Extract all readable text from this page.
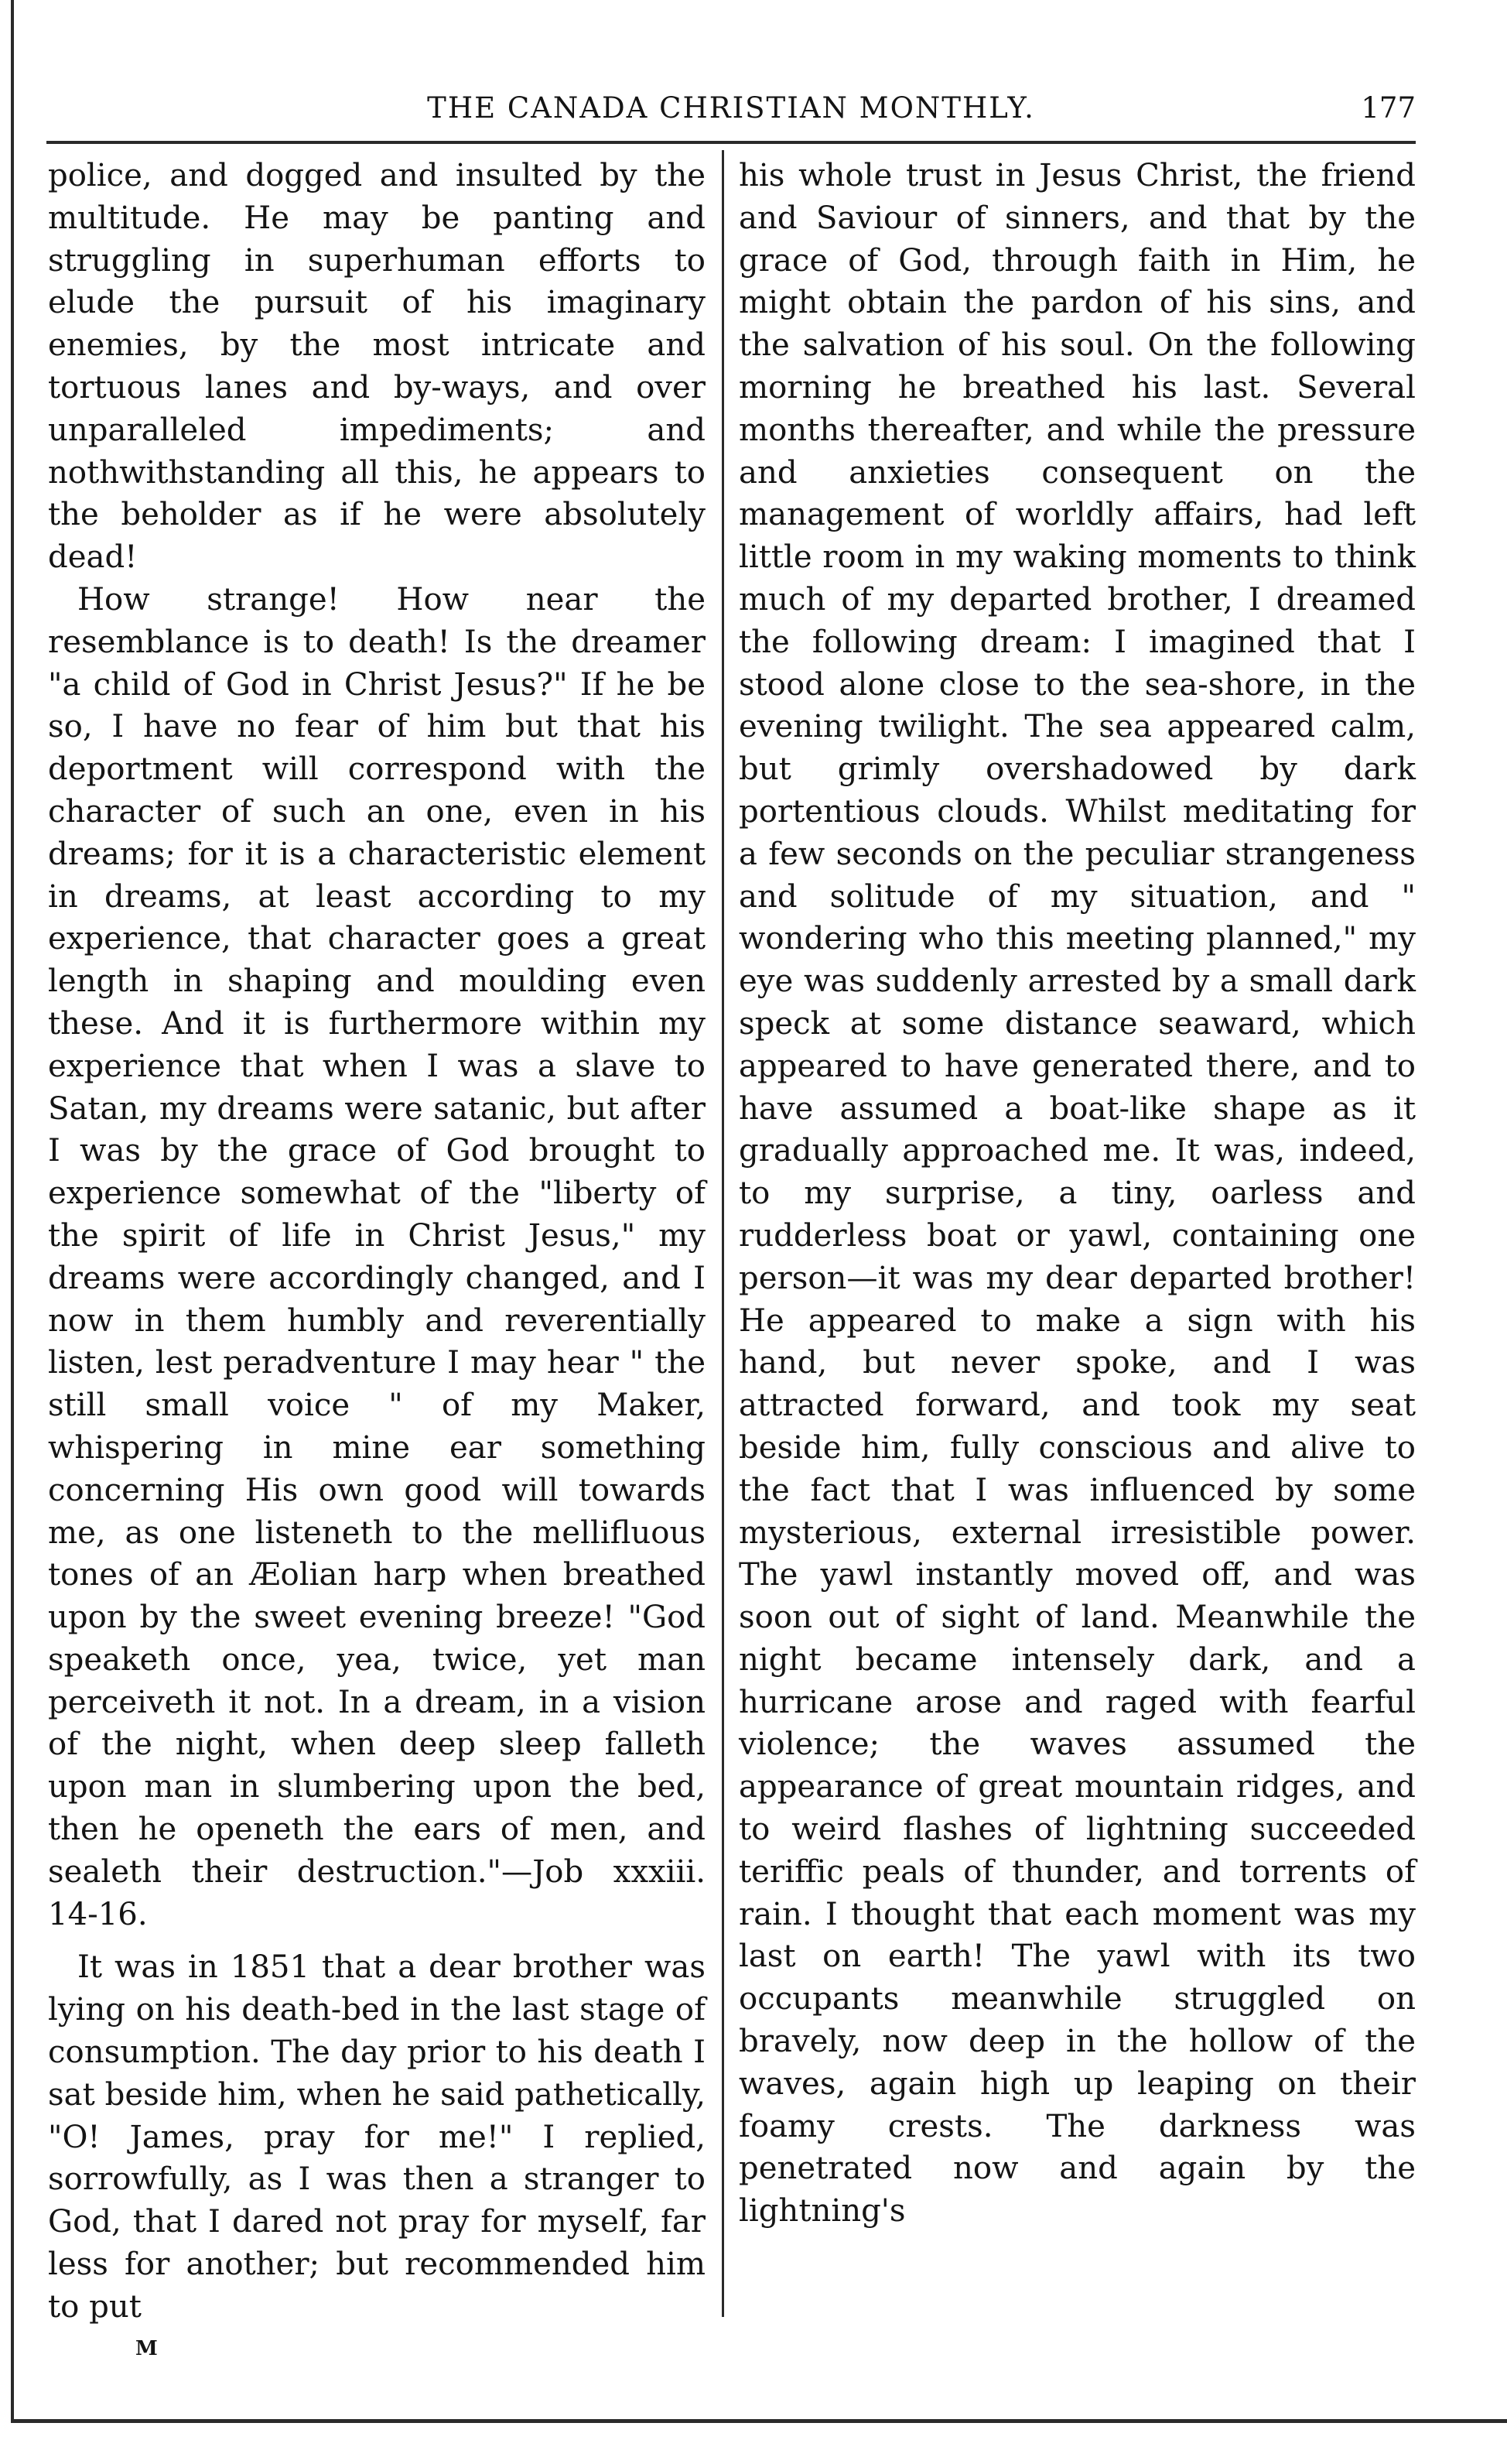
THE CANADA CHRISTIAN MONTHLY.	177

police, and dogged and insulted by the multitude. He may be panting and struggling in superhuman efforts to elude the pursuit of his imaginary enemies, by the most intricate and tortuous lanes and by-ways, and over unparalleled impediments; and nothwithstanding all this, he appears to the beholder as if he were absolutely dead!

How strange! How near the resemblance is to death! Is the dreamer "a child of God in Christ Jesus?" If he be so, I have no fear of him but that his deportment will correspond with the character of such an one, even in his dreams; for it is a characteristic element in dreams, at least according to my experience, that character goes a great length in shaping and moulding even these. And it is furthermore within my experience that when I was a slave to Satan, my dreams were satanic, but after I was by the grace of God brought to experience somewhat of the "liberty of the spirit of life in Christ Jesus," my dreams were accordingly changed, and I now in them humbly and reverentially listen, lest peradventure I may hear " the still small voice " of my Maker, whispering in mine ear something concerning His own good will towards me, as one listeneth to the mellifluous tones of an Æolian harp when breathed upon by the sweet evening breeze! "God speaketh once, yea, twice, yet man perceiveth it not. In a dream, in a vision of the night, when deep sleep falleth upon man in slumbering upon the bed, then he openeth the ears of men, and sealeth their destruction."—Job xxxiii. 14-16.

It was in 1851 that a dear brother was lying on his death-bed in the last stage of consumption. The day prior to his death I sat beside him, when he said pathetically, "O! James, pray for me!" I replied, sorrowfully, as I was then a stranger to God, that I dared not pray for myself, far less for another; but recommended him to put

his whole trust in Jesus Christ, the friend and Saviour of sinners, and that by the grace of God, through faith in Him, he might obtain the pardon of his sins, and the salvation of his soul. On the following morning he breathed his last. Several months thereafter, and while the pressure and anxieties consequent on the management of worldly affairs, had left little room in my waking moments to think much of my departed brother, I dreamed the following dream: I imagined that I stood alone close to the sea-shore, in the evening twilight. The sea appeared calm, but grimly overshadowed by dark portentious clouds. Whilst meditating for a few seconds on the peculiar strangeness and solitude of my situation, and " wondering who this meeting planned," my eye was suddenly arrested by a small dark speck at some distance seaward, which appeared to have generated there, and to have assumed a boat-like shape as it gradually approached me. It was, indeed, to my surprise, a tiny, oarless and rudderless boat or yawl, containing one person—it was my dear departed brother! He appeared to make a sign with his hand, but never spoke, and I was attracted forward, and took my seat beside him, fully conscious and alive to the fact that I was influenced by some mysterious, external irresistible power. The yawl instantly moved off, and was soon out of sight of land. Meanwhile the night became intensely dark, and a hurricane arose and raged with fearful violence; the waves assumed the appearance of great mountain ridges, and to weird flashes of lightning succeeded teriffic peals of thunder, and torrents of rain. I thought that each moment was my last on earth! The yawl with its two occupants meanwhile struggled on bravely, now deep in the hollow of the waves, again high up leaping on their foamy crests. The darkness was penetrated now and again by the lightning's

M
